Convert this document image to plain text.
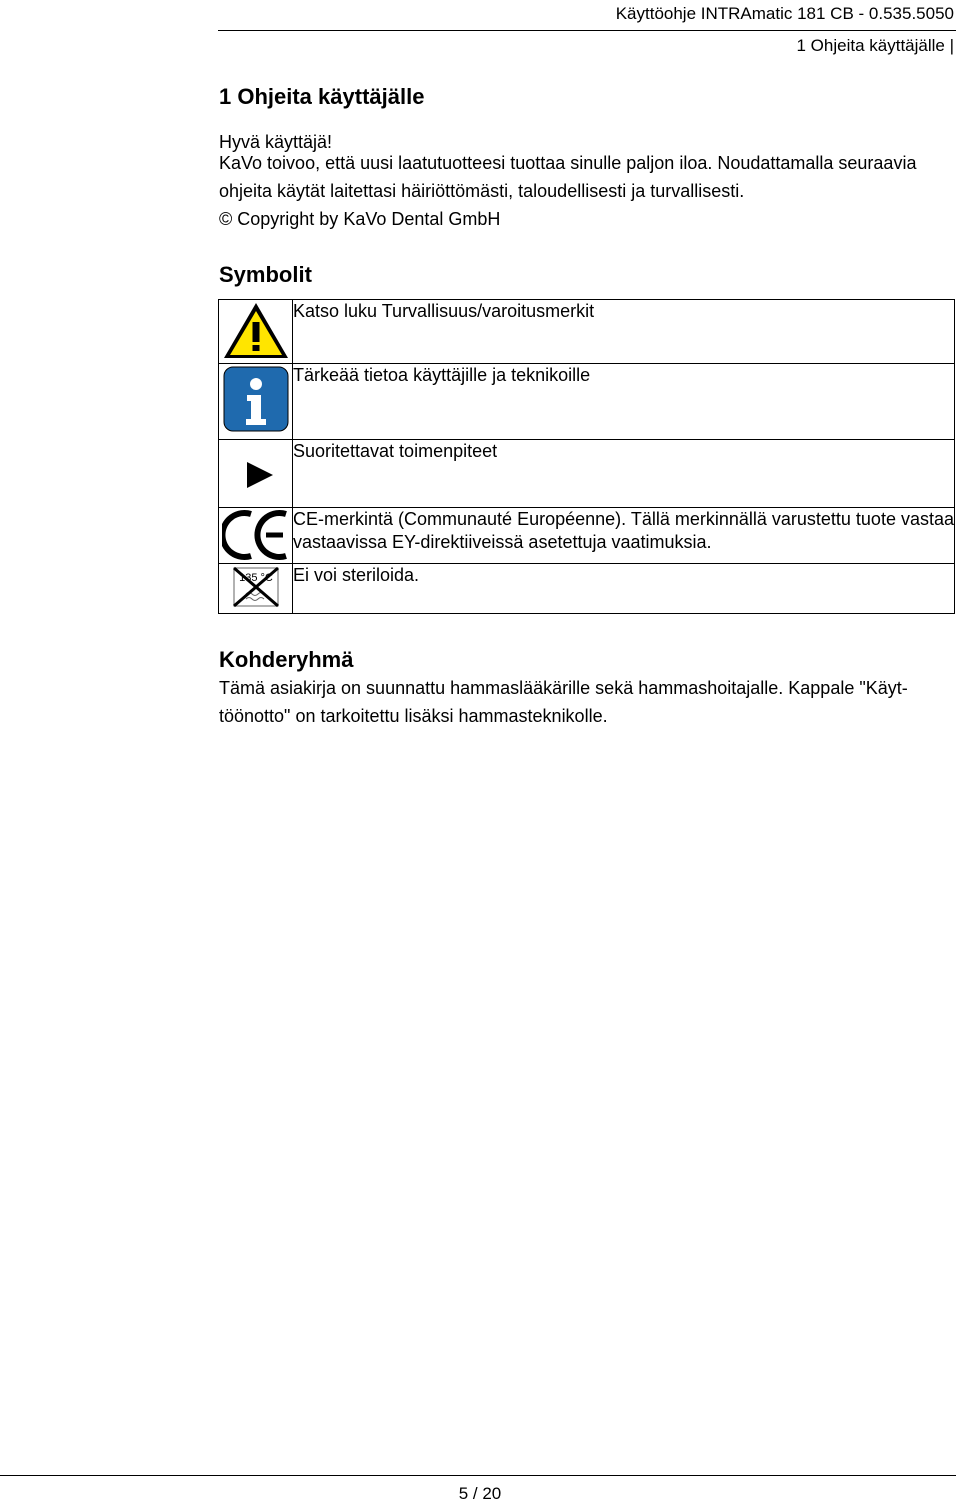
Käyttöohje INTRAmatic 181 CB - 0.535.5050
1 Ohjeita käyttäjälle |
1 Ohjeita käyttäjälle
Hyvä käyttäjä!
KaVo toivoo, että uusi laatutuotteesi tuottaa sinulle paljon iloa. Noudattamalla seuraavia ohjeita käytät laitettasi häiriöttömästi, taloudellisesti ja turvallisesti.
© Copyright by KaVo Dental GmbH
Symbolit
	Katso luku Turvallisuus/varoitusmerkit

	Tärkeää tietoa käyttäjille ja teknikoille

	Suoritettavat toimenpiteet

	CE-merkintä (Communauté Européenne). Tällä merkinnällä varustettu tuote vastaa vastaavissa EY-direktiiveissä asetettuja vaatimuksia.

135 °C	Ei voi steriloida.
Kohderyhmä
Tämä asiakirja on suunnattu hammaslääkärille sekä hammashoitajalle. Kappale "Käyttöönotto" on tarkoitettu lisäksi hammasteknikolle.
5 / 20
